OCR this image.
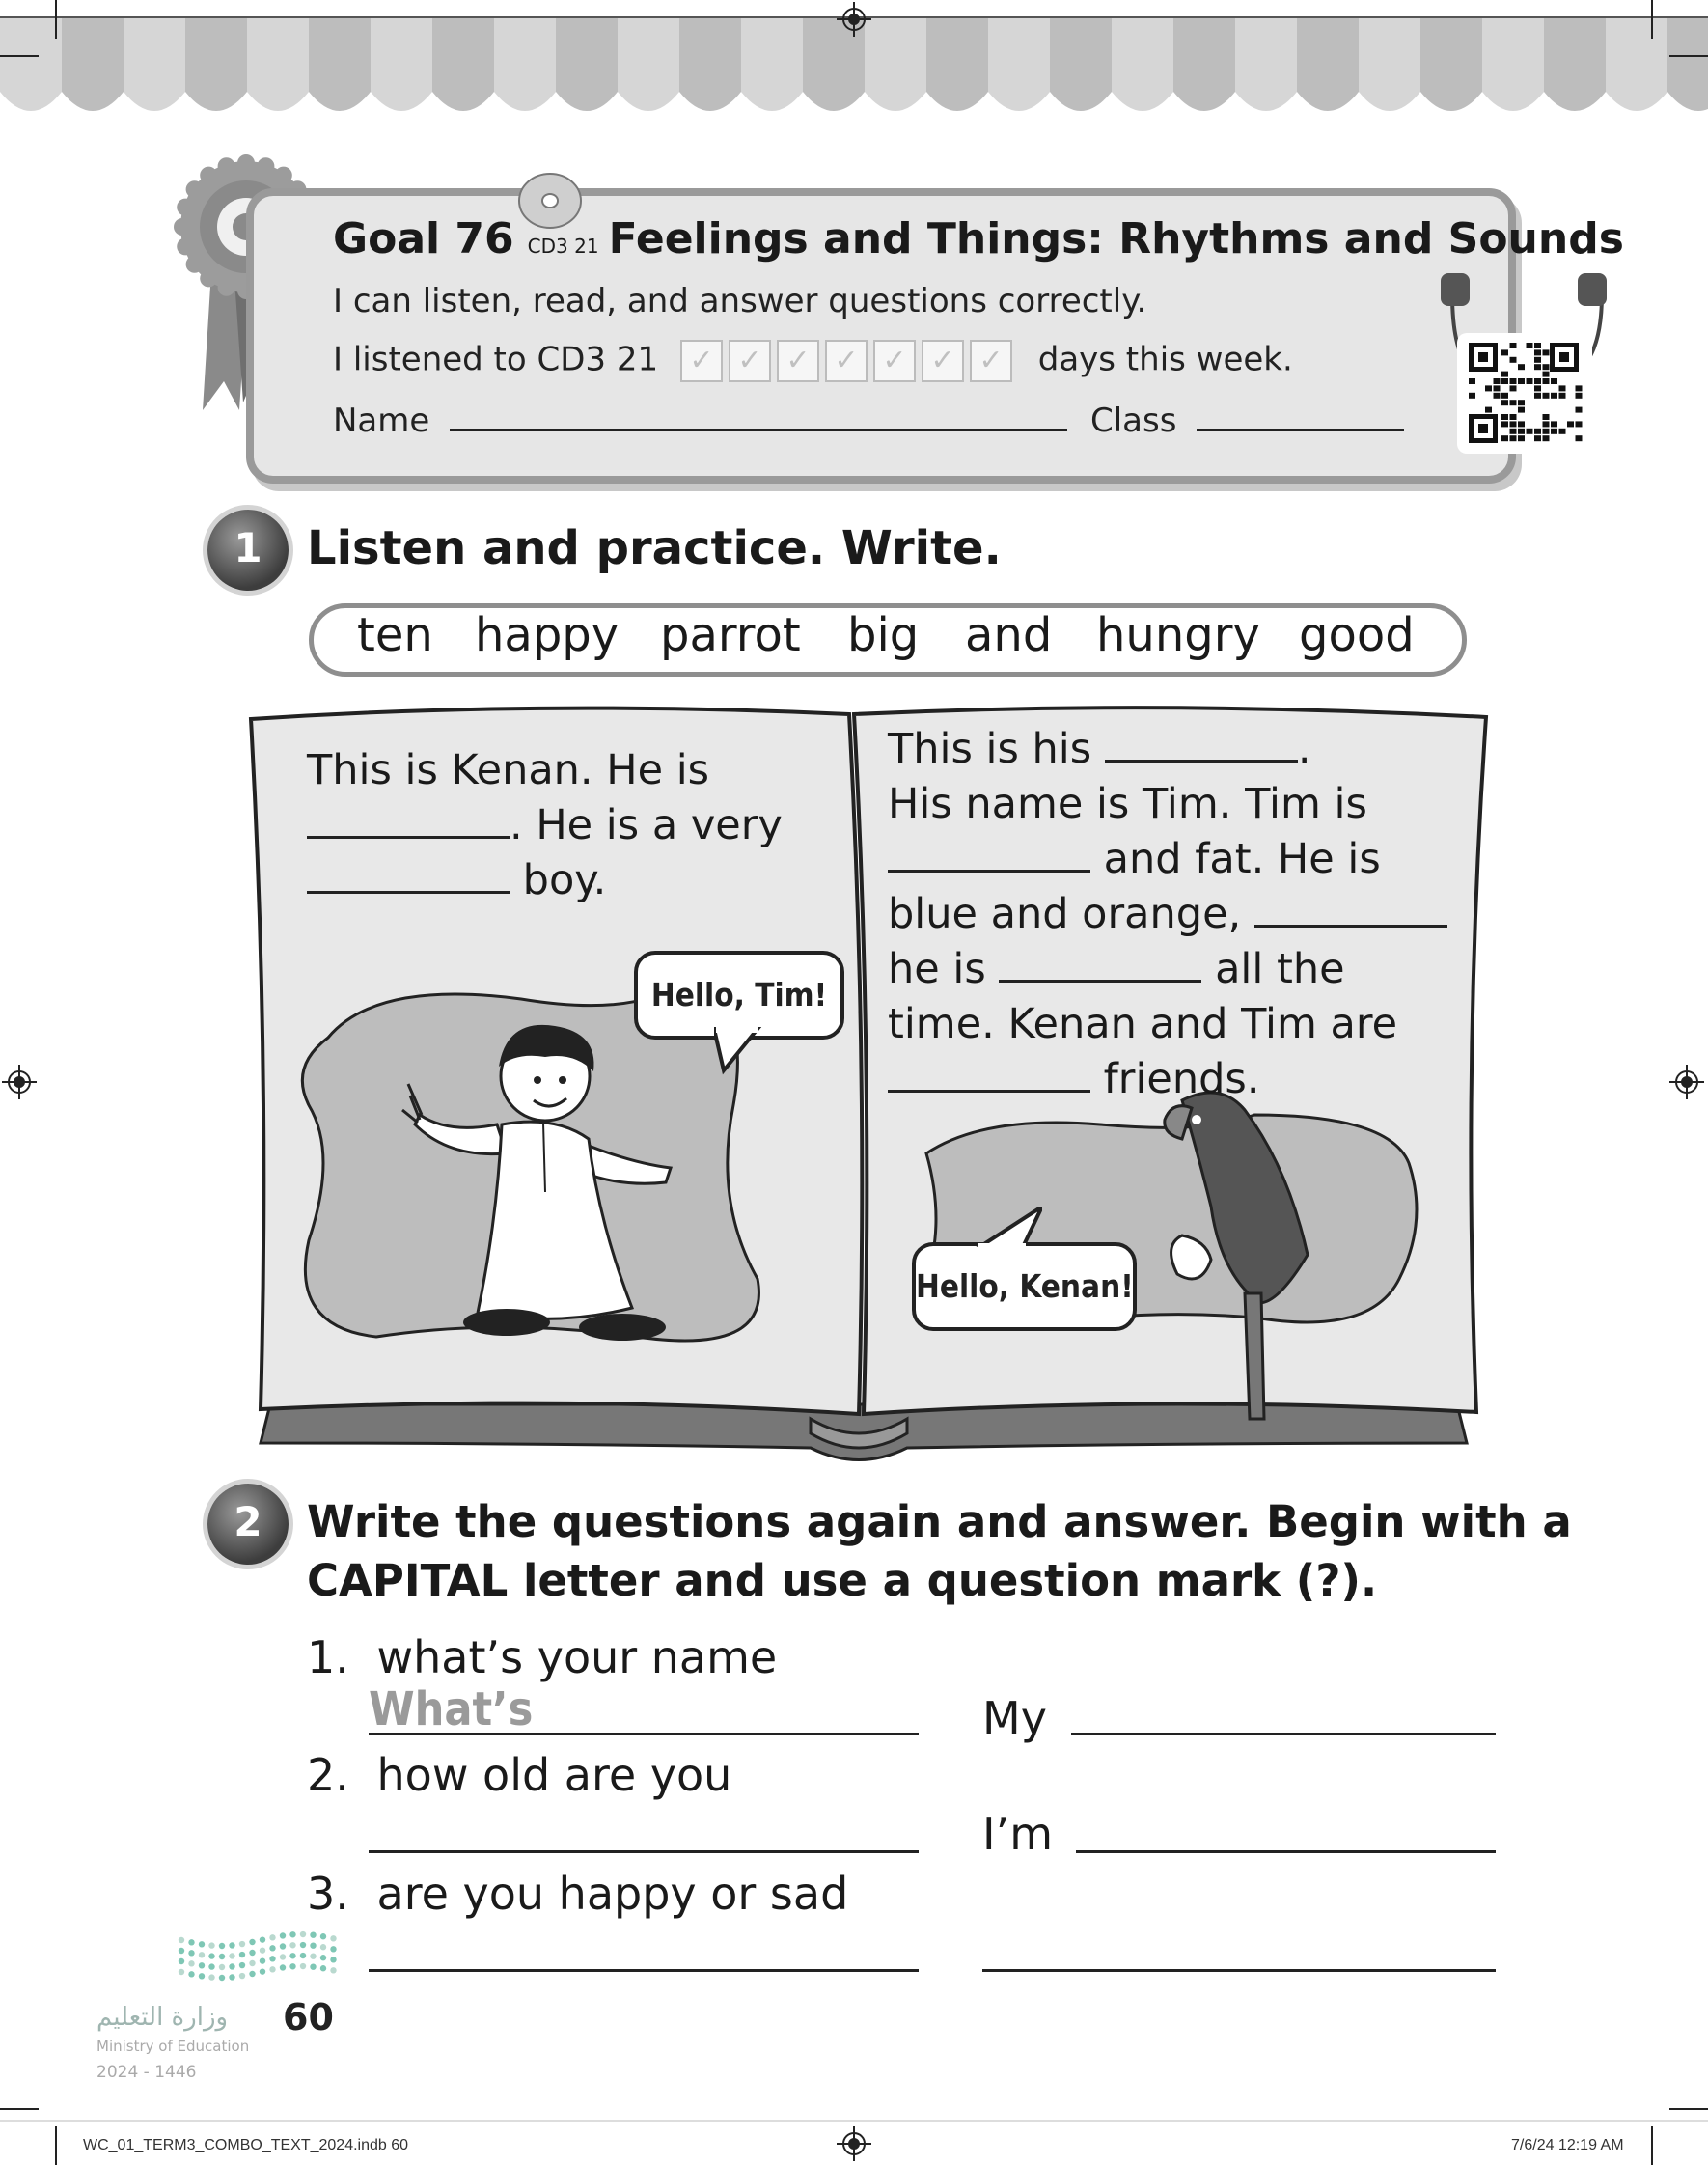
Goal 76 CD3 21 Feelings and Things: Rhythms and Sounds
I can listen, read, and answer questions correctly.
I listened to CD3 21 ✓ ✓ ✓ ✓ ✓ ✓ ✓ days this week.
Name	Class
1 Listen and practice. Write.
ten happy parrot big and hungry good
Hello, Tim!
Hello, Kenan!
This is Kenan. He is
. He is a very
boy.
This is his	.
His name is Tim. Tim is
and fat. He is
blue and orange,
he is	all the
time. Kenan and Tim are
friends.
2	Write the questions again and answer. Begin with a
CAPITAL letter and use a question mark (?).
1. what’s your name
What’s	My
2. how old are you
I’m
3. are you happy or sad
وزارة التعليم
Ministry of Education
2024 - 1446
60
WC_01_TERM3_COMBO_TEXT_2024.indb 60	7/6/24 12:19 AM
